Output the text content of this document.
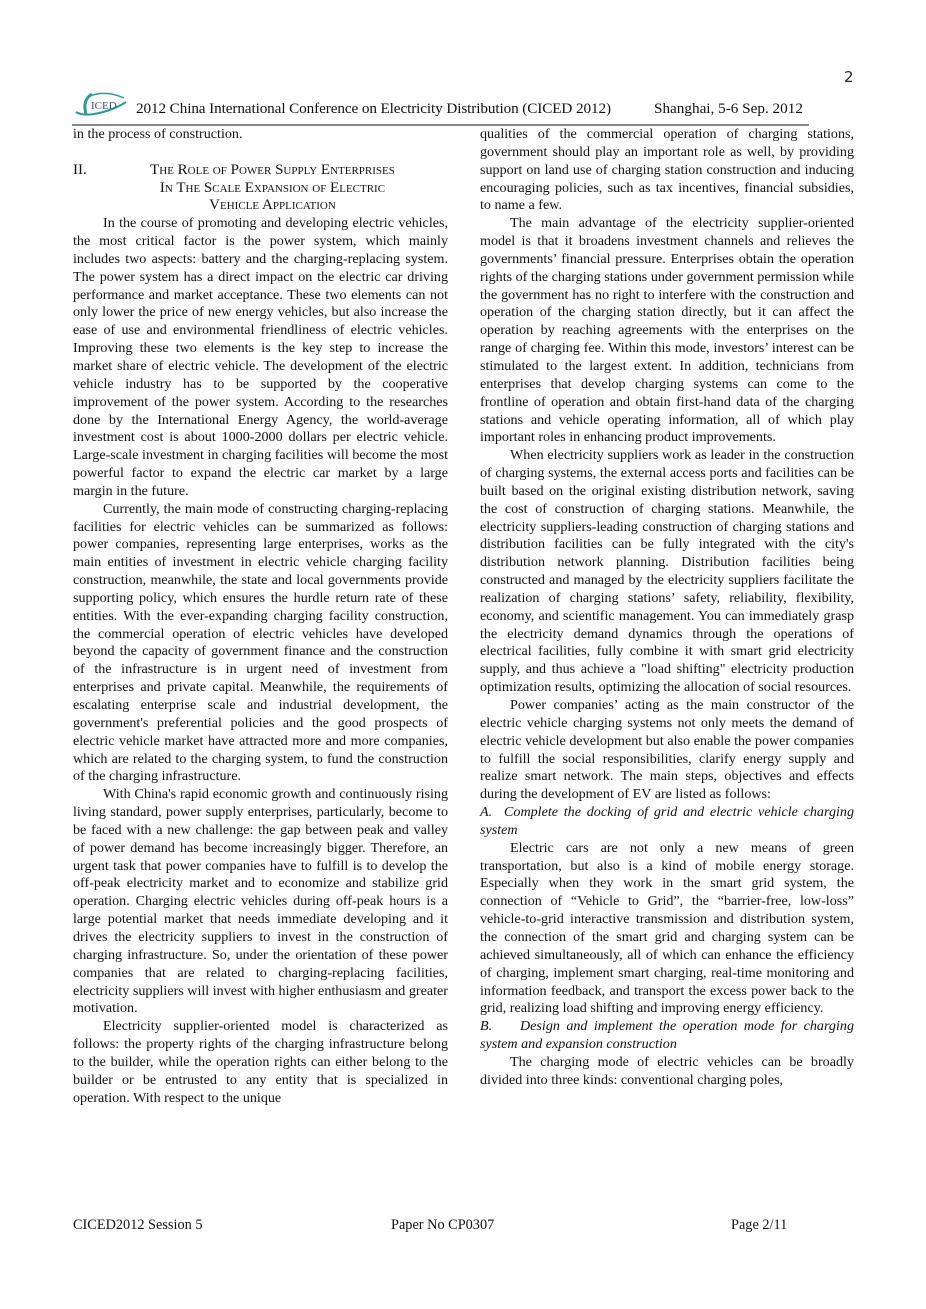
2
ICED 2012 China International Conference on Electricity Distribution (CICED 2012)	Shanghai, 5-6 Sep. 2012

in the process of construction.

II.	The Role of Power Supply Enterprises
In The Scale Expansion of Electric
Vehicle Application

In the course of promoting and developing electric vehicles, the most critical factor is the power system, which mainly includes two aspects: battery and the charging-replacing system. The power system has a direct impact on the electric car driving performance and market acceptance. These two elements can not only lower the price of new energy vehicles, but also increase the ease of use and environmental friendliness of electric vehicles. Improving these two elements is the key step to increase the market share of electric vehicle. The development of the electric vehicle industry has to be supported by the cooperative improvement of the power system. According to the researches done by the International Energy Agency, the world-average investment cost is about 1000-2000 dollars per electric vehicle. Large-scale investment in charging facilities will become the most powerful factor to expand the electric car market by a large margin in the future.

Currently, the main mode of constructing charging-replacing facilities for electric vehicles can be summarized as follows: power companies, representing large enterprises, works as the main entities of investment in electric vehicle charging facility construction, meanwhile, the state and local governments provide supporting policy, which ensures the hurdle return rate of these entities. With the ever-expanding charging facility construction, the commercial operation of electric vehicles have developed beyond the capacity of government finance and the construction of the infrastructure is in urgent need of investment from enterprises and private capital. Meanwhile, the requirements of escalating enterprise scale and industrial development, the government's preferential policies and the good prospects of electric vehicle market have attracted more and more companies, which are related to the charging system, to fund the construction of the charging infrastructure.

With China's rapid economic growth and continuously rising living standard, power supply enterprises, particularly, become to be faced with a new challenge: the gap between peak and valley of power demand has become increasingly bigger. Therefore, an urgent task that power companies have to fulfill is to develop the off-peak electricity market and to economize and stabilize grid operation. Charging electric vehicles during off-peak hours is a large potential market that needs immediate developing and it drives the electricity suppliers to invest in the construction of charging infrastructure. So, under the orientation of these power companies that are related to charging-replacing facilities, electricity suppliers will invest with higher enthusiasm and greater motivation.

Electricity supplier-oriented model is characterized as follows: the property rights of the charging infrastructure belong to the builder, while the operation rights can either belong to the builder or be entrusted to any entity that is specialized in operation. With respect to the unique

qualities of the commercial operation of charging stations, government should play an important role as well, by providing support on land use of charging station construction and inducing encouraging policies, such as tax incentives, financial subsidies, to name a few.

The main advantage of the electricity supplier-oriented model is that it broadens investment channels and relieves the governments’ financial pressure. Enterprises obtain the operation rights of the charging stations under government permission while the government has no right to interfere with the construction and operation of the charging station directly, but it can affect the operation by reaching agreements with the enterprises on the range of charging fee. Within this mode, investors’ interest can be stimulated to the largest extent. In addition, technicians from enterprises that develop charging systems can come to the frontline of operation and obtain first-hand data of the charging stations and vehicle operating information, all of which play important roles in enhancing product improvements.

When electricity suppliers work as leader in the construction of charging systems, the external access ports and facilities can be built based on the original existing distribution network, saving the cost of construction of charging stations. Meanwhile, the electricity suppliers-leading construction of charging stations and distribution facilities can be fully integrated with the city's distribution network planning. Distribution facilities being constructed and managed by the electricity suppliers facilitate the realization of charging stations’ safety, reliability, flexibility, economy, and scientific management. You can immediately grasp the electricity demand dynamics through the operations of electrical facilities, fully combine it with smart grid electricity supply, and thus achieve a "load shifting" electricity production optimization results, optimizing the allocation of social resources.

Power companies’ acting as the main constructor of the electric vehicle charging systems not only meets the demand of electric vehicle development but also enable the power companies to fulfill the social responsibilities, clarify energy supply and realize smart network. The main steps, objectives and effects during the development of EV are listed as follows:

A. Complete the docking of grid and electric vehicle charging system

Electric cars are not only a new means of green transportation, but also is a kind of mobile energy storage. Especially when they work in the smart grid system, the connection of “Vehicle to Grid”, the “barrier-free, low-loss” vehicle-to-grid interactive transmission and distribution system, the connection of the smart grid and charging system can be achieved simultaneously, all of which can enhance the efficiency of charging, implement smart charging, real-time monitoring and information feedback, and transport the excess power back to the grid, realizing load shifting and improving energy efficiency.

B. Design and implement the operation mode for charging system and expansion construction

The charging mode of electric vehicles can be broadly divided into three kinds: conventional charging poles,

CICED2012 Session 5	Paper No CP0307	Page 2/11
